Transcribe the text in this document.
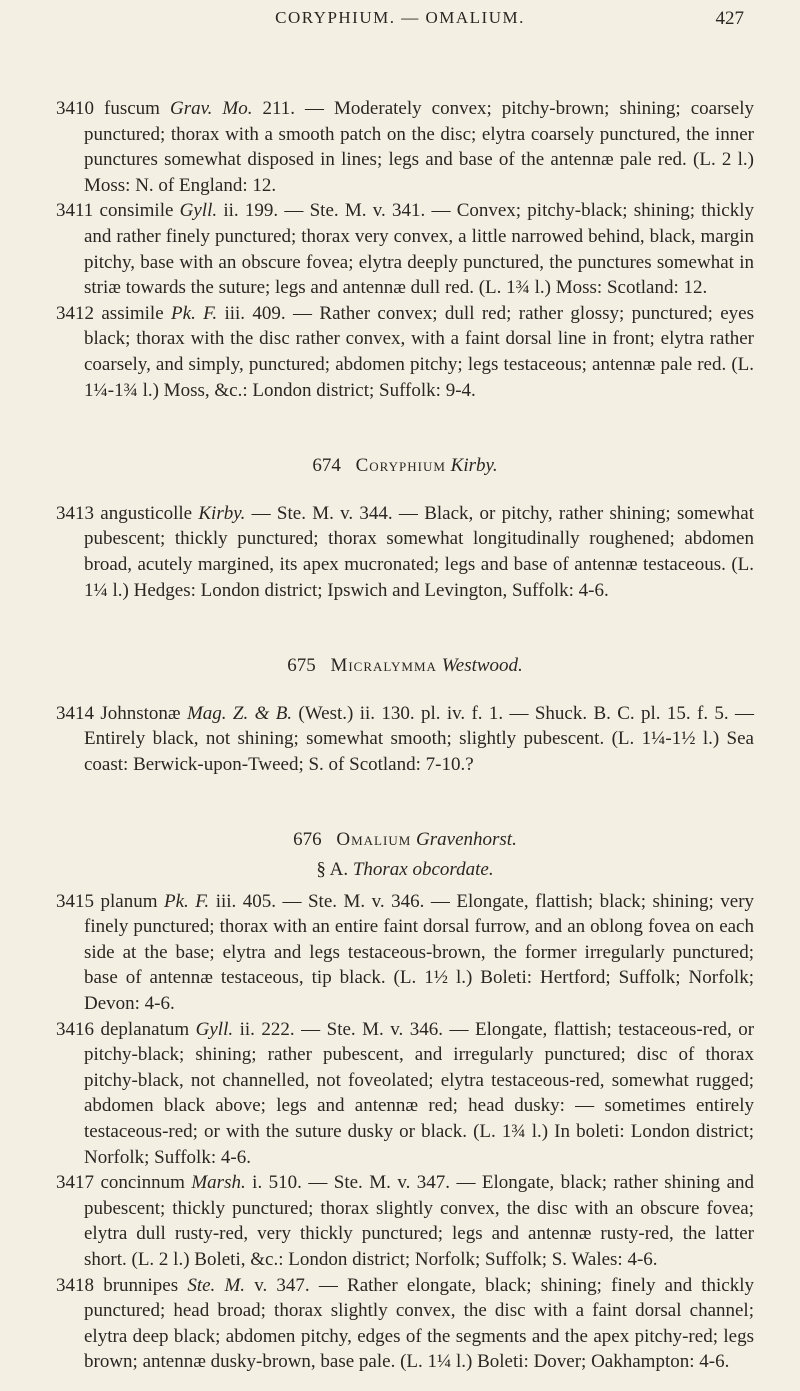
CORYPHIUM. — OMALIUM.	427

3410 fuscum Grav. Mo. 211. — Moderately convex; pitchy-brown; shining; coarsely punctured; thorax with a smooth patch on the disc; elytra coarsely punctured, the inner punctures somewhat disposed in lines; legs and base of the antennæ pale red. (L. 2 l.) Moss: N. of England: 12.

3411 consimile Gyll. ii. 199. — Ste. M. v. 341. — Convex; pitchy-black; shining; thickly and rather finely punctured; thorax very convex, a little narrowed behind, black, margin pitchy, base with an obscure fovea; elytra deeply punctured, the punctures somewhat in striæ towards the suture; legs and antennæ dull red. (L. 1¾ l.) Moss: Scotland: 12.

3412 assimile Pk. F. iii. 409. — Rather convex; dull red; rather glossy; punctured; eyes black; thorax with the disc rather convex, with a faint dorsal line in front; elytra rather coarsely, and simply, punctured; abdomen pitchy; legs testaceous; antennæ pale red. (L. 1¼-1¾ l.) Moss, &c.: London district; Suffolk: 9-4.

674 Coryphium Kirby.

3413 angusticolle Kirby. — Ste. M. v. 344. — Black, or pitchy, rather shining; somewhat pubescent; thickly punctured; thorax somewhat longitudinally roughened; abdomen broad, acutely margined, its apex mucronated; legs and base of antennæ testaceous. (L. 1¼ l.) Hedges: London district; Ipswich and Levington, Suffolk: 4-6.

675 Micralymma Westwood.

3414 Johnstonæ Mag. Z. & B. (West.) ii. 130. pl. iv. f. 1. — Shuck. B. C. pl. 15. f. 5. — Entirely black, not shining; somewhat smooth; slightly pubescent. (L. 1¼-1½ l.) Sea coast: Berwick-upon-Tweed; S. of Scotland: 7-10.?

676 Omalium Gravenhorst.
§ A. Thorax obcordate.

3415 planum Pk. F. iii. 405. — Ste. M. v. 346. — Elongate, flattish; black; shining; very finely punctured; thorax with an entire faint dorsal furrow, and an oblong fovea on each side at the base; elytra and legs testaceous-brown, the former irregularly punctured; base of antennæ testaceous, tip black. (L. 1½ l.) Boleti: Hertford; Suffolk; Norfolk; Devon: 4-6.

3416 deplanatum Gyll. ii. 222. — Ste. M. v. 346. — Elongate, flattish; testaceous-red, or pitchy-black; shining; rather pubescent, and irregularly punctured; disc of thorax pitchy-black, not channelled, not foveolated; elytra testaceous-red, somewhat rugged; abdomen black above; legs and antennæ red; head dusky: — sometimes entirely testaceous-red; or with the suture dusky or black. (L. 1¾ l.) In boleti: London district; Norfolk; Suffolk: 4-6.

3417 concinnum Marsh. i. 510. — Ste. M. v. 347. — Elongate, black; rather shining and pubescent; thickly punctured; thorax slightly convex, the disc with an obscure fovea; elytra dull rusty-red, very thickly punctured; legs and antennæ rusty-red, the latter short. (L. 2 l.) Boleti, &c.: London district; Norfolk; Suffolk; S. Wales: 4-6.

3418 brunnipes Ste. M. v. 347. — Rather elongate, black; shining; finely and thickly punctured; head broad; thorax slightly convex, the disc with a faint dorsal channel; elytra deep black; abdomen pitchy, edges of the segments and the apex pitchy-red; legs brown; antennæ dusky-brown, base pale. (L. 1¼ l.) Boleti: Dover; Oakhampton: 4-6.
